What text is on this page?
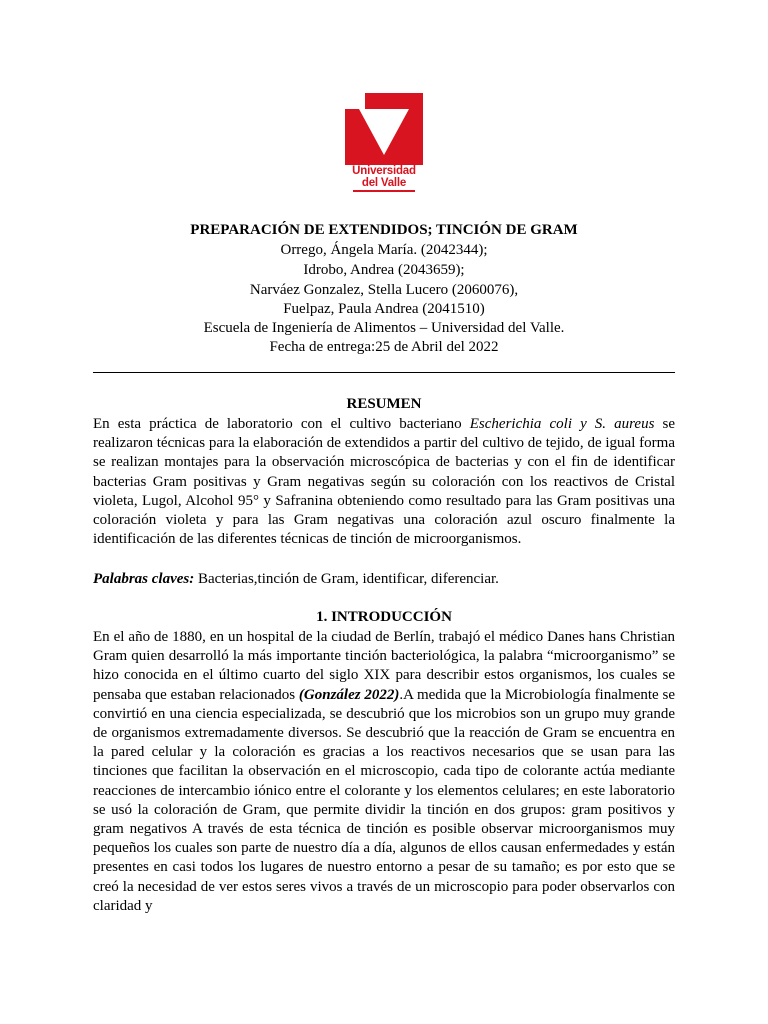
Universidad
del Valle
PREPARACIÓN DE EXTENDIDOS; TINCIÓN DE GRAM
Orrego, Ángela María. (2042344);
Idrobo, Andrea (2043659);
Narváez Gonzalez, Stella Lucero (2060076),
Fuelpaz, Paula Andrea (2041510)
Escuela de Ingeniería de Alimentos – Universidad del Valle.
Fecha de entrega:25 de Abril del 2022
RESUMEN
En esta práctica de laboratorio con el cultivo bacteriano Escherichia coli y S. aureus se realizaron técnicas para la elaboración de extendidos a partir del cultivo de tejido, de igual forma se realizan montajes para la observación microscópica de bacterias y con el fin de identificar bacterias Gram positivas y Gram negativas según su coloración con los reactivos de Cristal violeta, Lugol, Alcohol 95° y Safranina obteniendo como resultado para las Gram positivas una coloración violeta y para las Gram negativas una coloración azul oscuro finalmente la identificación de las diferentes técnicas de tinción de microorganismos.
Palabras claves: Bacterias,tinción de Gram, identificar, diferenciar.
1. INTRODUCCIÓN
En el año de 1880, en un hospital de la ciudad de Berlín, trabajó el médico Danes hans Christian Gram quien desarrolló la más importante tinción bacteriológica, la palabra “microorganismo” se hizo conocida en el último cuarto del siglo XIX para describir estos organismos, los cuales se pensaba que estaban relacionados (González 2022).A medida que la Microbiología finalmente se convirtió en una ciencia especializada, se descubrió que los microbios son un grupo muy grande de organismos extremadamente diversos. Se descubrió que la reacción de Gram se encuentra en la pared celular y la coloración es gracias a los reactivos necesarios que se usan para las tinciones que facilitan la observación en el microscopio, cada tipo de colorante actúa mediante reacciones de intercambio iónico entre el colorante y los elementos celulares; en este laboratorio se usó la coloración de Gram, que permite dividir la tinción en dos grupos: gram positivos y gram negativos A través de esta técnica de tinción es posible observar microorganismos muy pequeños los cuales son parte de nuestro día a día, algunos de ellos causan enfermedades y están presentes en casi todos los lugares de nuestro entorno a pesar de su tamaño; es por esto que se creó la necesidad de ver estos seres vivos a través de un microscopio para poder observarlos con claridad y
